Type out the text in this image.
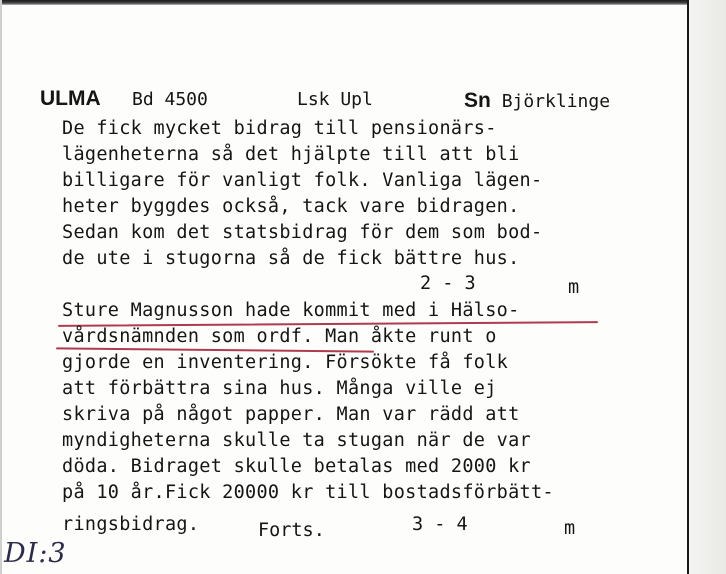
ULMA Bd 4500	Lsk Upl	Sn Björklinge
De fick mycket bidrag till pensionärs-
lägenheterna så det hjälpte till att bli
billigare för vanligt folk. Vanliga lägen-
heter byggdes också, tack vare bidragen.
Sedan kom det statsbidrag för dem som bod-
de ute i stugorna så de fick bättre hus.
2 - 3	m
Sture Magnusson hade kommit med i Hälso-
vårdsnämnden som ordf. Man åkte runt o
gjorde en inventering. Försökte få folk
att förbättra sina hus. Många ville ej
skriva på något papper. Man var rädd att
myndigheterna skulle ta stugan när de var
döda. Bidraget skulle betalas med 2000 kr
på 10 år.Fick 20000 kr till bostadsförbätt-
ringsbidrag.	Forts.	3 - 4	m
DI:3
